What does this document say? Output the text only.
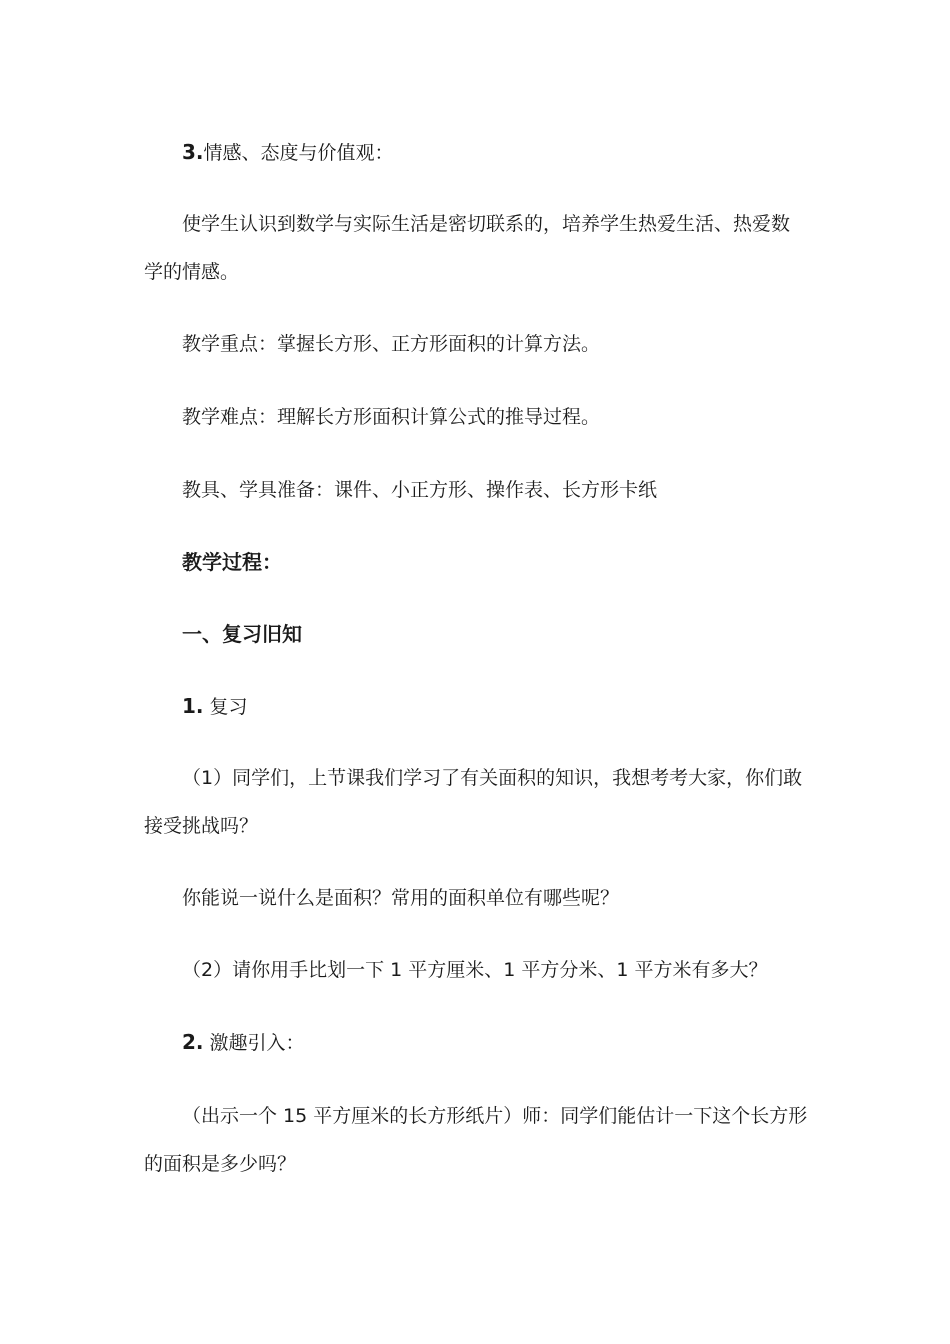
3.情感、态度与价值观：
使学生认识到数学与实际生活是密切联系的，培养学生热爱生活、热爱数
学的情感。
教学重点：掌握长方形、正方形面积的计算方法。
教学难点：理解长方形面积计算公式的推导过程。
教具、学具准备：课件、小正方形、操作表、长方形卡纸
教学过程：
一、复习旧知
1. 复习
（1）同学们，上节课我们学习了有关面积的知识，我想考考大家，你们敢
接受挑战吗？
你能说一说什么是面积？常用的面积单位有哪些呢？
（2）请你用手比划一下 1 平方厘米、1 平方分米、1 平方米有多大？
2. 激趣引入：
（出示一个 15 平方厘米的长方形纸片）师：同学们能估计一下这个长方形
的面积是多少吗？
